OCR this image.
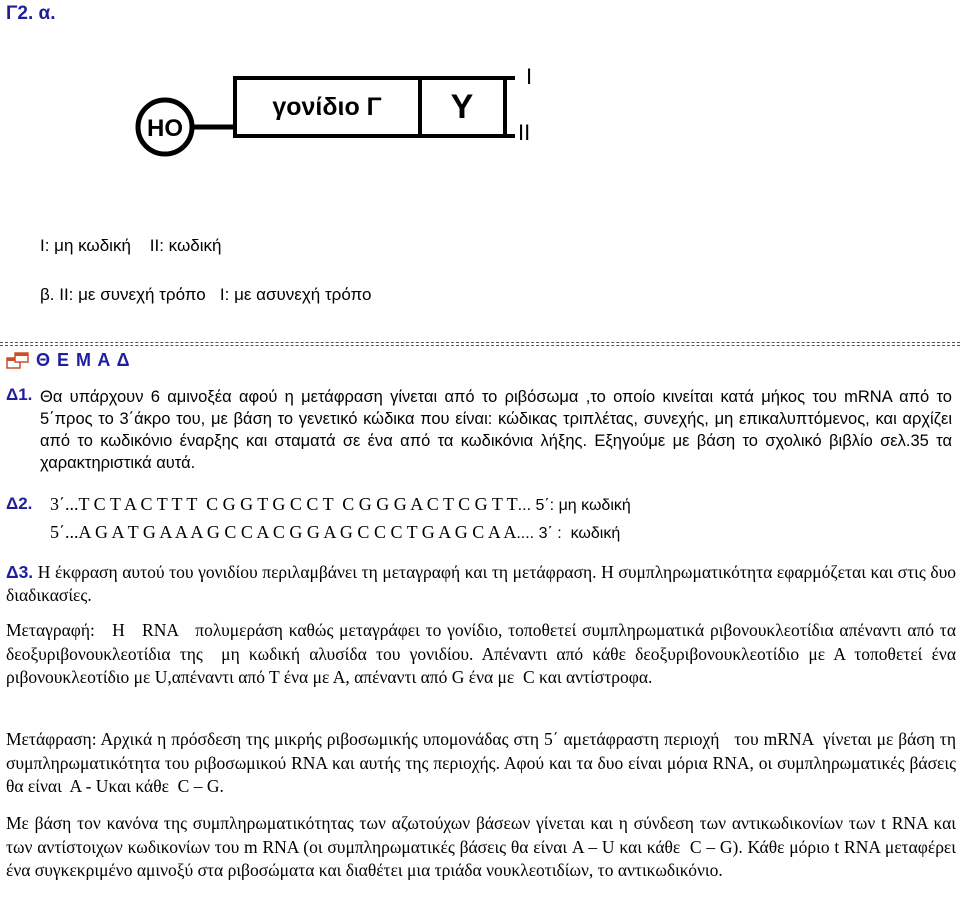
Γ2. α.
HO
γονίδιο Γ Υ
Ι
ΙΙ
Ι: μη κωδική    ΙΙ: κωδική
β. ΙΙ: με συνεχή τρόπο   Ι: με ασυνεχή τρόπο
Θ Ε Μ Α Δ
Δ1. Θα υπάρχουν 6 αμινοξέα αφού η μετάφραση γίνεται από το ριβόσωμα ,το οποίο κινείται κατά μήκος του mRNA από το 5΄προς το 3΄άκρο του, με βάση το γενετικό κώδικα που είναι: κώδικας τριπλέτας, συνεχής, μη επικαλυπτόμενος, και αρχίζει από το κωδικόνιο έναρξης και σταματά σε ένα από τα κωδικόνια λήξης. Εξηγούμε με βάση το σχολικό βιβλίο σελ.35 τα χαρακτηριστικά αυτά.
Δ2. 3΄...T C T A C T T T  C G G T G C C T  C G G G A C T C G T T... 5΄: μη κωδική
5΄...A G A T G A A A G C C A C G G A G C C C T G A G C A A.... 3΄ :  κωδική
Δ3. Η έκφραση αυτού του γονιδίου περιλαμβάνει τη μεταγραφή και τη μετάφραση. Η συμπληρωματικότητα εφαρμόζεται και στις δυο διαδικασίες.
Μεταγραφή:   Η   RNA   πολυμεράση καθώς μεταγράφει το γονίδιο, τοποθετεί συμπληρωματικά ριβονουκλεοτίδια απέναντι από τα δεοξυριβονουκλεοτίδια της  μη κωδική αλυσίδα του γονιδίου. Απέναντι από κάθε δεοξυριβονουκλεοτίδιο με Α τοποθετεί ένα ριβονουκλεοτίδιο με U,απέναντι από Τ ένα με Α, απέναντι από G ένα με  C και αντίστροφα.
Μετάφραση: Αρχικά η πρόσδεση της μικρής ριβοσωμικής υπομονάδας στη 5΄ αμετάφραστη περιοχή   του mRNA  γίνεται με βάση τη συμπληρωματικότητα του ριβοσωμικού RNA και αυτής της περιοχής. Αφού και τα δυο είναι μόρια RNA, οι συμπληρωματικές βάσεις θα είναι  Α - Uκαι κάθε  C – G.
Με βάση τον κανόνα της συμπληρωματικότητας των αζωτούχων βάσεων γίνεται και η σύνδεση των αντικωδικονίων των t RNA και των αντίστοιχων κωδικονίων του m RNA (οι συμπληρωματικές βάσεις θα είναι A – U και κάθε  C – G). Κάθε μόριο t RNA μεταφέρει ένα συγκεκριμένο αμινοξύ στα ριβοσώματα και διαθέτει μια τριάδα νουκλεοτιδίων, το αντικωδικόνιο.
